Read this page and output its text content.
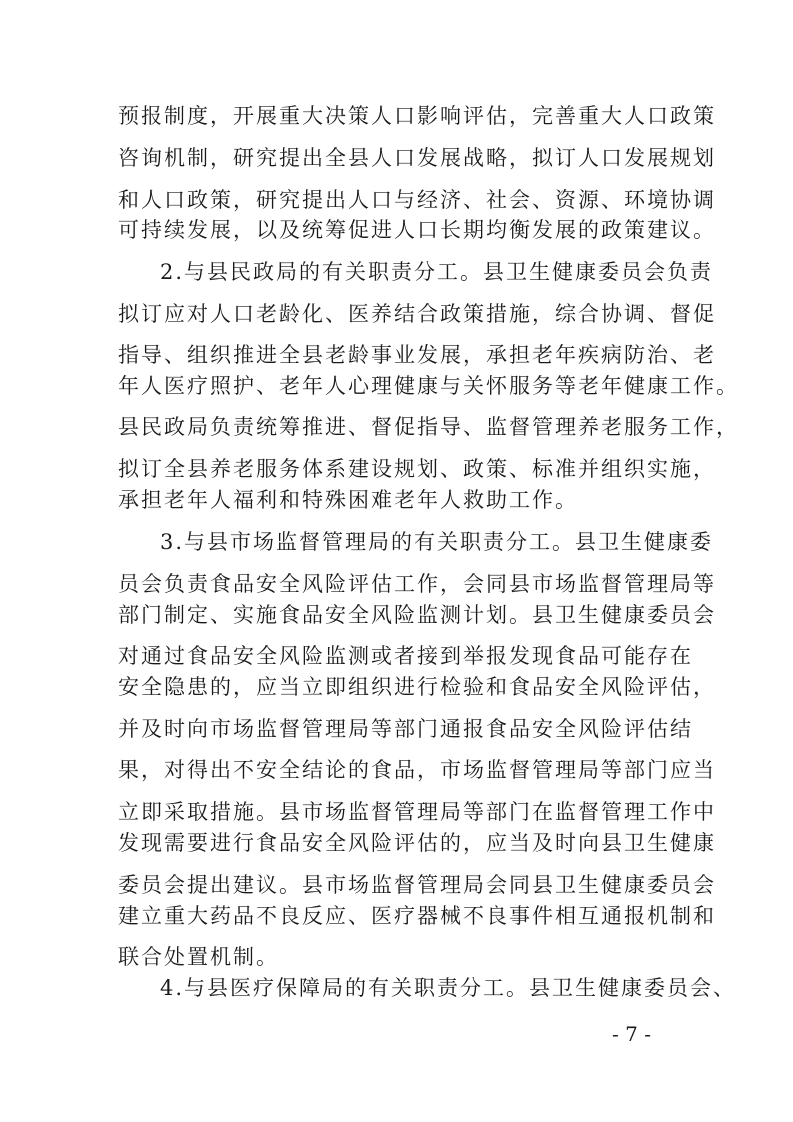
预报制度，开展重大决策人口影响评估，完善重大人口政策
咨询机制，研究提出全县人口发展战略，拟订人口发展规划
和人口政策，研究提出人口与经济、社会、资源、环境协调
可持续发展，以及统筹促进人口长期均衡发展的政策建议。
2.与县民政局的有关职责分工。县卫生健康委员会负责
拟订应对人口老龄化、医养结合政策措施，综合协调、督促
指导、组织推进全县老龄事业发展，承担老年疾病防治、老
年人医疗照护、老年人心理健康与关怀服务等老年健康工作。
县民政局负责统筹推进、督促指导、监督管理养老服务工作，
拟订全县养老服务体系建设规划、政策、标准并组织实施，
承担老年人福利和特殊困难老年人救助工作。
3.与县市场监督管理局的有关职责分工。县卫生健康委
员会负责食品安全风险评估工作，会同县市场监督管理局等
部门制定、实施食品安全风险监测计划。县卫生健康委员会
对通过食品安全风险监测或者接到举报发现食品可能存在
安全隐患的，应当立即组织进行检验和食品安全风险评估，
并及时向市场监督管理局等部门通报食品安全风险评估结
果，对得出不安全结论的食品，市场监督管理局等部门应当
立即采取措施。县市场监督管理局等部门在监督管理工作中
发现需要进行食品安全风险评估的，应当及时向县卫生健康
委员会提出建议。县市场监督管理局会同县卫生健康委员会
建立重大药品不良反应、医疗器械不良事件相互通报机制和
联合处置机制。
4.与县医疗保障局的有关职责分工。县卫生健康委员会、
- 7 -
